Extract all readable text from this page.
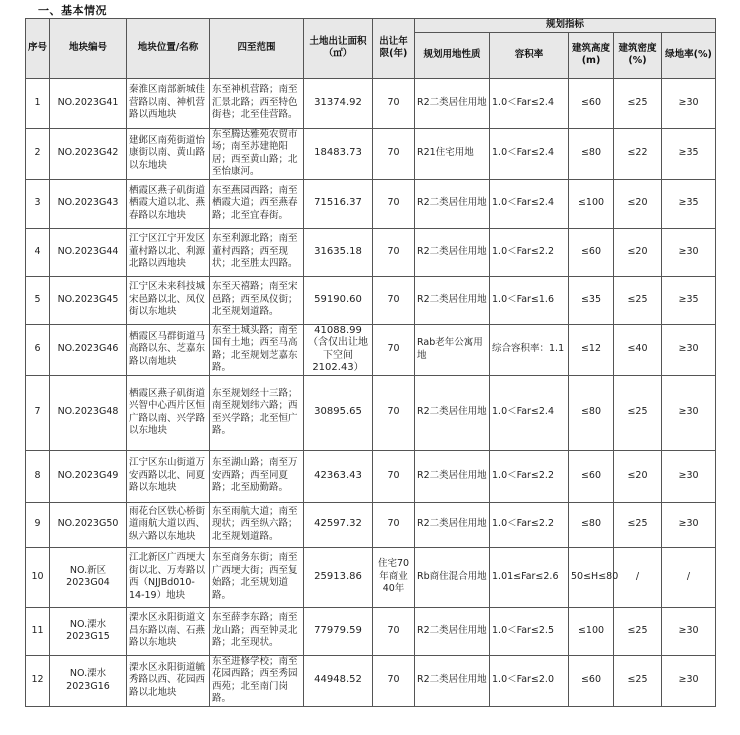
一、基本情况
序号	地块编号	地块位置/名称	四至范围	土地出让面积（㎡）	出让年限(年)	规划指标				
						规划用地性质	容积率	建筑高度(m)	建筑密度(%)	绿地率(%)
1	NO.2023G41	秦淮区南部新城佳营路以南、神机营路以西地块	东至神机营路；南至汇景北路；西至特色街巷；北至佳营路。	31374.92	70	R2二类居住用地	1.0＜Far≤2.4	≤60	≤25	≥30
2	NO.2023G42	建邺区南苑街道怡康街以南、黄山路以东地块	东至腾达雅苑农贸市场；南至苏建艳阳居；西至黄山路；北至怡康河。	18483.73	70	R21住宅用地	1.0＜Far≤2.4	≤80	≤22	≥35
3	NO.2023G43	栖霞区燕子矶街道栖霞大道以北、燕春路以东地块	东至燕园西路；南至栖霞大道；西至燕春路；北至宜春街。	71516.37	70	R2二类居住用地	1.0＜Far≤2.4	≤100	≤20	≥35
4	NO.2023G44	江宁区江宁开发区董村路以北、利源北路以西地块	东至利源北路；南至董村西路；西至现状；北至胜太四路。	31635.18	70	R2二类居住用地	1.0＜Far≤2.2	≤60	≤20	≥30
5	NO.2023G45	江宁区未来科技城宋邑路以北、凤仪街以东地块	东至天禧路；南至宋邑路；西至凤仪街；北至规划道路。	59190.60	70	R2二类居住用地	1.0＜Far≤1.6	≤35	≤25	≥35
6	NO.2023G46	栖霞区马群街道马高路以东、芝嘉东路以南地块	东至土城头路；南至国有土地；西至马高路；北至规划芝嘉东路。	41088.99（含仅出让地下空间2102.43）	70	Rab老年公寓用地	综合容积率：1.1	≤12	≤40	≥30
7	NO.2023G48	栖霞区燕子矶街道兴智中心西片区恒广路以南、兴学路以东地块	东至规划经十三路；南至规划纬六路；西至兴学路；北至恒广路。	30895.65	70	R2二类居住用地	1.0＜Far≤2.4	≤80	≤25	≥30
8	NO.2023G49	江宁区东山街道万安西路以北、同夏路以东地块	东至湖山路；南至万安西路；西至同夏路；北至励勤路。	42363.43	70	R2二类居住用地	1.0＜Far≤2.2	≤60	≤20	≥30
9	NO.2023G50	雨花台区铁心桥街道雨航大道以西、纵六路以东地块	东至雨航大道；南至现状；西至纵六路；北至规划道路。	42597.32	70	R2二类居住用地	1.0＜Far≤2.2	≤80	≤25	≥30
10	NO.新区2023G04	江北新区广西埂大街以北、万寿路以西（NJJBd010-14-19）地块	东至商务东街；南至广西埂大街；西至复始路；北至规划道路。	25913.86	住宅70年商业40年	Rb商住混合用地	1.01≤Far≤2.6	50≤H≤80	/	/
11	NO.溧水2023G15	溧水区永阳街道文昌东路以南、石燕路以东地块	东至薛李东路；南至龙山路；西至钟灵北路；北至现状。	77979.59	70	R2二类居住用地	1.0＜Far≤2.5	≤100	≤25	≥30
12	NO.溧水2023G16	溧水区永阳街道毓秀路以西、花园西路以北地块	东至进修学校；南至花园西路；西至秀园西苑；北至南门岗路。	44948.52	70	R2二类居住用地	1.0＜Far≤2.0	≤60	≤25	≥30
